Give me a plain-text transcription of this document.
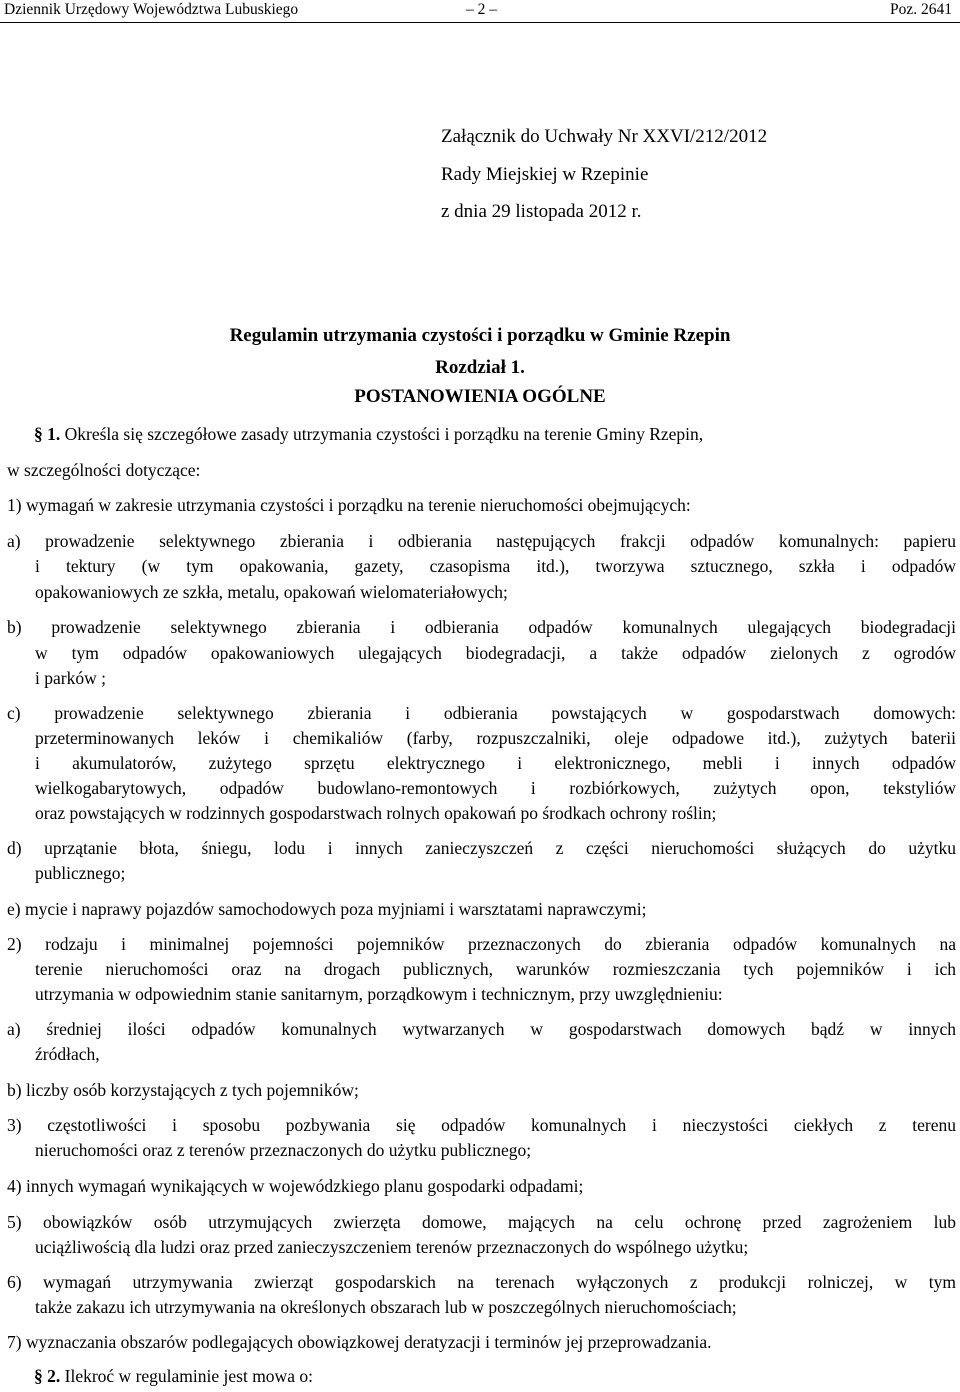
Dziennik Urzędowy Województwa Lubuskiego	– 2 –	Poz. 2641
Załącznik do Uchwały Nr XXVI/212/2012
Rady Miejskiej w Rzepinie
z dnia 29 listopada 2012 r.
Regulamin utrzymania czystości i porządku w Gminie Rzepin
Rozdział 1.
POSTANOWIENIA OGÓLNE
§ 1. Określa się szczegółowe zasady utrzymania czystości i porządku na terenie Gminy Rzepin,
w szczególności dotyczące:
1) wymagań w zakresie utrzymania czystości i porządku na terenie nieruchomości obejmujących:
a) prowadzenie selektywnego zbierania i odbierania następujących frakcji odpadów komunalnych: papieru
i tektury (w tym opakowania, gazety, czasopisma itd.), tworzywa sztucznego, szkła i odpadów
opakowaniowych ze szkła, metalu, opakowań wielomateriałowych;
b) prowadzenie selektywnego zbierania i odbierania odpadów komunalnych ulegających biodegradacji
w tym odpadów opakowaniowych ulegających biodegradacji, a także odpadów zielonych z ogrodów
i parków ;
c) prowadzenie selektywnego zbierania i odbierania powstających w gospodarstwach domowych:
przeterminowanych leków i chemikaliów (farby, rozpuszczalniki, oleje odpadowe itd.), zużytych baterii
i akumulatorów, zużytego sprzętu elektrycznego i elektronicznego, mebli i innych odpadów
wielkogabarytowych, odpadów budowlano-remontowych i rozbiórkowych, zużytych opon, tekstyliów
oraz powstających w rodzinnych gospodarstwach rolnych opakowań po środkach ochrony roślin;
d) uprzątanie błota, śniegu, lodu i innych zanieczyszczeń z części nieruchomości służących do użytku
publicznego;
e) mycie i naprawy pojazdów samochodowych poza myjniami i warsztatami naprawczymi;
2) rodzaju i minimalnej pojemności pojemników przeznaczonych do zbierania odpadów komunalnych na
terenie nieruchomości oraz na drogach publicznych, warunków rozmieszczania tych pojemników i ich
utrzymania w odpowiednim stanie sanitarnym, porządkowym i technicznym, przy uwzględnieniu:
a) średniej ilości odpadów komunalnych wytwarzanych w gospodarstwach domowych bądź w innych
źródłach,
b) liczby osób korzystających z tych pojemników;
3) częstotliwości i sposobu pozbywania się odpadów komunalnych i nieczystości ciekłych z terenu
nieruchomości oraz z terenów przeznaczonych do użytku publicznego;
4) innych wymagań wynikających w wojewódzkiego planu gospodarki odpadami;
5) obowiązków osób utrzymujących zwierzęta domowe, mających na celu ochronę przed zagrożeniem lub
uciążliwością dla ludzi oraz przed zanieczyszczeniem terenów przeznaczonych do wspólnego użytku;
6) wymagań utrzymywania zwierząt gospodarskich na terenach wyłączonych z produkcji rolniczej, w tym
także zakazu ich utrzymywania na określonych obszarach lub w poszczególnych nieruchomościach;
7) wyznaczania obszarów podlegających obowiązkowej deratyzacji i terminów jej przeprowadzania.
§ 2. Ilekroć w regulaminie jest mowa o:
